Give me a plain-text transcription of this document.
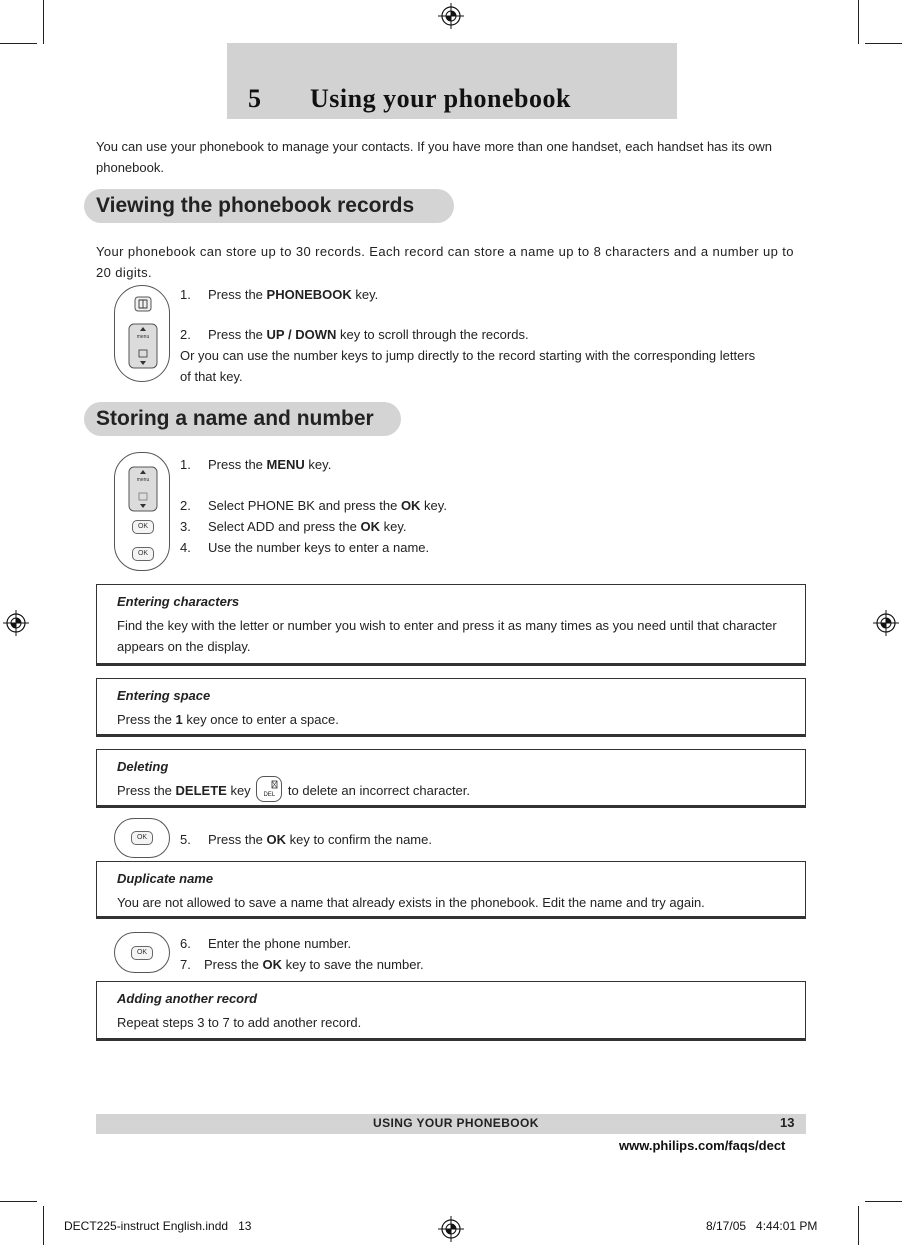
5 Using your phonebook
You can use your phonebook to manage your contacts. If you have more than one handset, each handset has its own phonebook.
Viewing the phonebook records
Your phonebook can store up to 30 records. Each record can store a name up to 8 characters and a number up to 20 digits.
menu
1. Press the PHONEBOOK key.
2. Press the UP / DOWN key to scroll through the records.
Or you can use the number keys to jump directly to the record starting with the corresponding letters
of that key.
Storing a name and number
menu
OK
OK
1. Press the MENU key.
2. Select PHONE BK and press the OK key.
3. Select ADD and press the OK key.
4. Use the number keys to enter a name.
Entering characters
Find the key with the letter or number you wish to enter and press it as many times as you need until that character appears on the display.
Entering space
Press the 1 key once to enter a space.
Deleting
Press the DELETE key
DEL to delete an incorrect character.
OK	5. Press the OK key to confirm the name.
Duplicate name
You are not allowed to save a name that already exists in the phonebook. Edit the name and try again.
OK
6. Enter the phone number.
7. Press the OK key to save the number.
Adding another record
Repeat steps 3 to 7 to add another record.
USING YOUR PHONEBOOK	13
www.philips.com/faqs/dect
DECT225-instruct English.indd   13	8/17/05   4:44:01 PM
